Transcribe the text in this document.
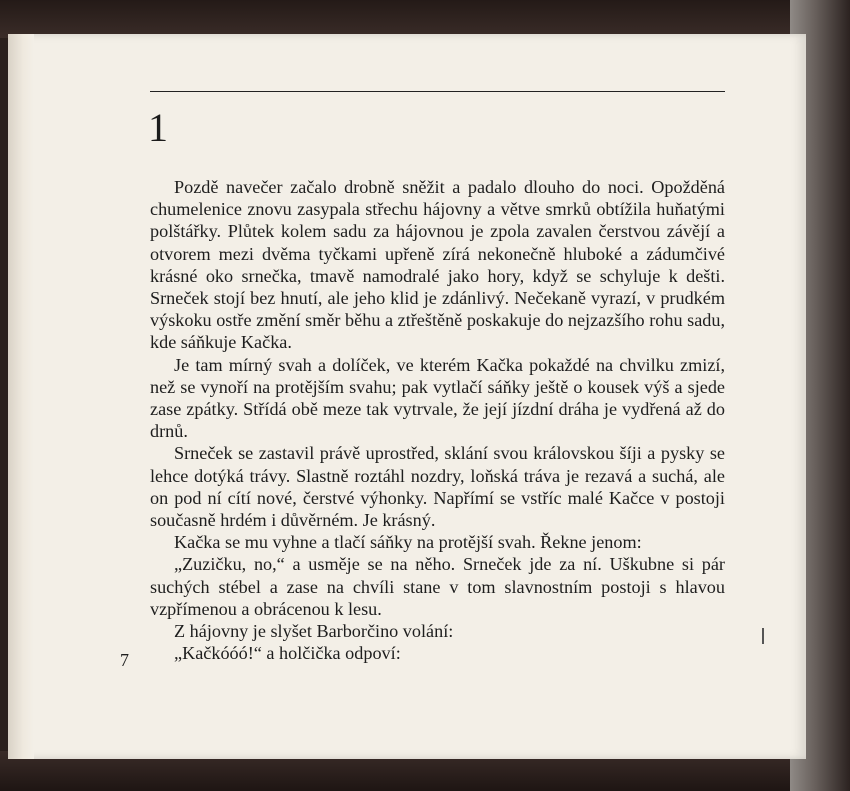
1

Pozdě navečer začalo drobně sněžit a padalo dlouho do noci. Opožděná chumelenice znovu zasypala střechu hájovny a větve smrků obtížila huňatými polštářky. Plůtek kolem sadu za hájovnou je zpola zavalen čerstvou závějí a otvorem mezi dvěma tyčkami upřeně zírá nekonečně hluboké a zádumčivé krásné oko srnečka, tmavě namodralé jako hory, když se schyluje k dešti. Srneček stojí bez hnutí, ale jeho klid je zdánlivý. Nečekaně vyrazí, v prudkém výskoku ostře změní směr běhu a ztřeštěně poskakuje do nejzazšího rohu sadu, kde sáňkuje Kačka.

Je tam mírný svah a dolíček, ve kterém Kačka pokaždé na chvilku zmizí, než se vynoří na protějším svahu; pak vytlačí sáňky ještě o kousek výš a sjede zase zpátky. Střídá obě meze tak vytrvale, že její jízdní dráha je vydřená až do drnů.

Srneček se zastavil právě uprostřed, sklání svou královskou šíji a pysky se lehce dotýká trávy. Slastně roztáhl nozdry, loňská tráva je rezavá a suchá, ale on pod ní cítí nové, čerstvé výhonky. Napřímí se vstříc malé Kačce v postoji současně hrdém i důvěrném. Je krásný.

Kačka se mu vyhne a tlačí sáňky na protější svah. Řekne jenom:

„Zuzičku, no,“ a usměje se na něho. Srneček jde za ní. Uškubne si pár suchých stébel a zase na chvíli stane v tom slavnostním postoji s hlavou vzpřímenou a obrácenou k lesu.

Z hájovny je slyšet Barborčino volání:

„Kačkóóó!“ a holčička odpoví:

7
